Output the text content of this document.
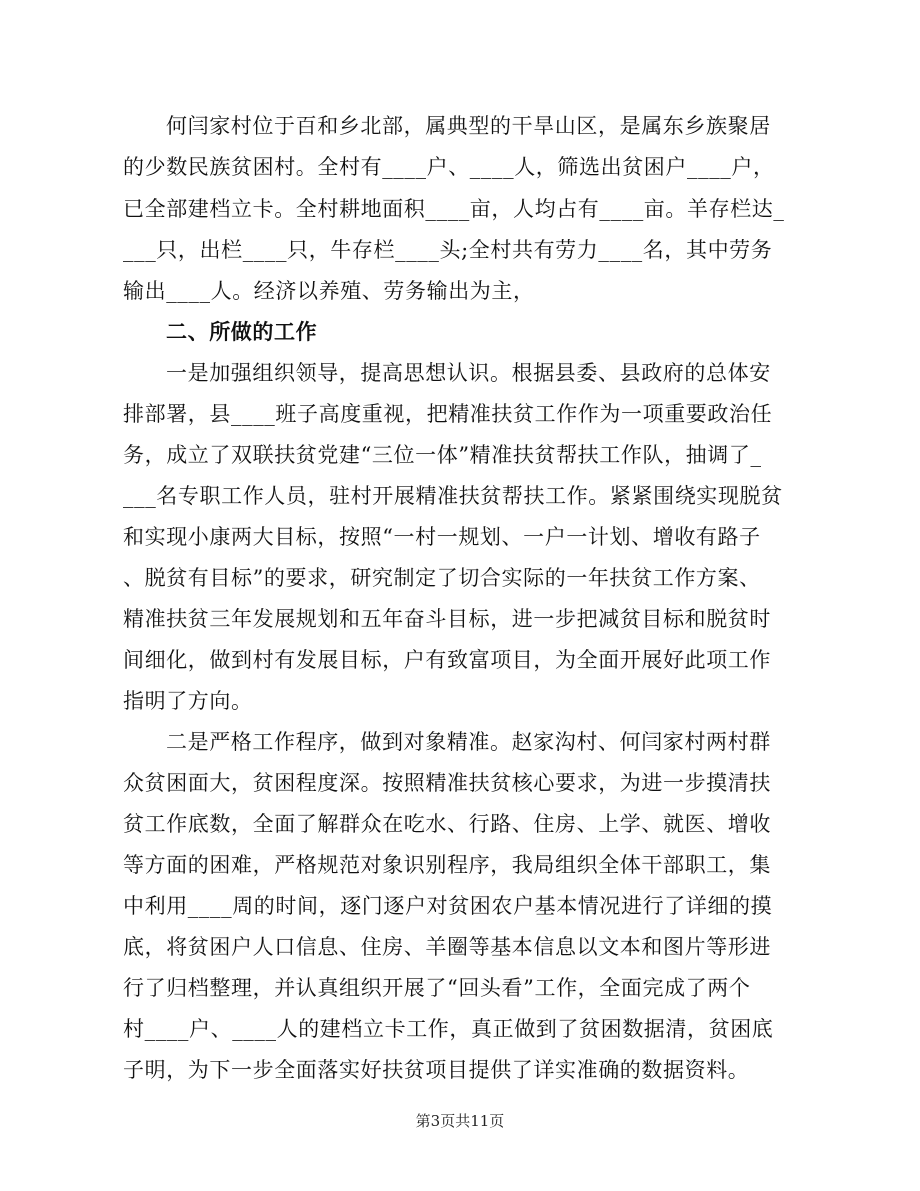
何闫家村位于百和乡北部，属典型的干旱山区，是属东乡族聚居
的少数民族贫困村。全村有____户、____人，筛选出贫困户____户，
已全部建档立卡。全村耕地面积____亩，人均占有____亩。羊存栏达_
___只，出栏____只，牛存栏____头;全村共有劳力____名，其中劳务
输出____人。经济以养殖、劳务输出为主，
二、所做的工作
一是加强组织领导，提高思想认识。根据县委、县政府的总体安
排部署，县____班子高度重视，把精准扶贫工作作为一项重要政治任
务，成立了双联扶贫党建“三位一体”精准扶贫帮扶工作队，抽调了_
___名专职工作人员，驻村开展精准扶贫帮扶工作。紧紧围绕实现脱贫
和实现小康两大目标，按照“一村一规划、一户一计划、增收有路子
、脱贫有目标”的要求，研究制定了切合实际的一年扶贫工作方案、
精准扶贫三年发展规划和五年奋斗目标，进一步把减贫目标和脱贫时
间细化，做到村有发展目标，户有致富项目，为全面开展好此项工作
指明了方向。
二是严格工作程序，做到对象精准。赵家沟村、何闫家村两村群
众贫困面大，贫困程度深。按照精准扶贫核心要求，为进一步摸清扶
贫工作底数，全面了解群众在吃水、行路、住房、上学、就医、增收
等方面的困难，严格规范对象识别程序，我局组织全体干部职工，集
中利用____周的时间，逐门逐户对贫困农户基本情况进行了详细的摸
底，将贫困户人口信息、住房、羊圈等基本信息以文本和图片等形进
行了归档整理，并认真组织开展了“回头看”工作，全面完成了两个
村____户、____人的建档立卡工作，真正做到了贫困数据清，贫困底
子明，为下一步全面落实好扶贫项目提供了详实准确的数据资料。
第3页共11页
